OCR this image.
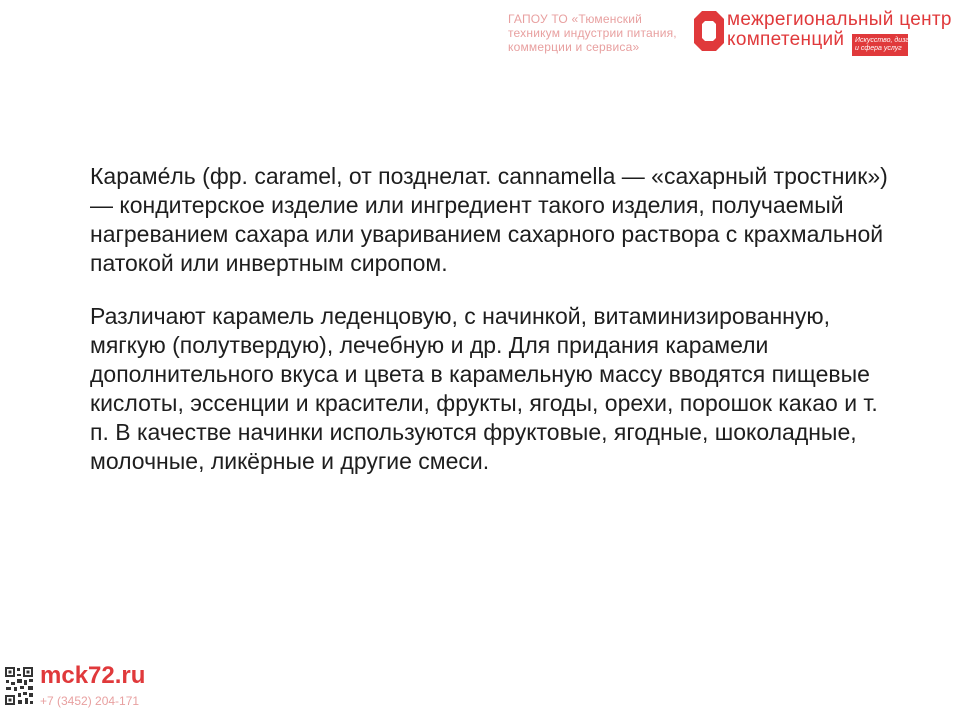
ГАПОУ ТО «Тюменский
техникум индустрии питания,
коммерции и сервиса»
межрегиональный центр
компетенций	Искусство, дизайн
и сфера услуг

Караме́ль (фр. caramel, от позднелат. cannamella — «сахарный тростник») — кондитерское изделие или ингредиент такого изделия, получаемый нагреванием сахара или увариванием сахарного раствора с крахмальной патокой или инвертным сиропом.

Различают карамель леденцовую, с начинкой, витаминизированную, мягкую (полутвердую), лечебную и др. Для придания карамели дополнительного вкуса и цвета в карамельную массу вводятся пищевые кислоты, эссенции и красители, фрукты, ягоды, орехи, порошок какао и т. п. В качестве начинки используются фруктовые, ягодные, шоколадные, молочные, ликёрные и другие смеси.

mck72.ru
+7 (3452) 204-171
